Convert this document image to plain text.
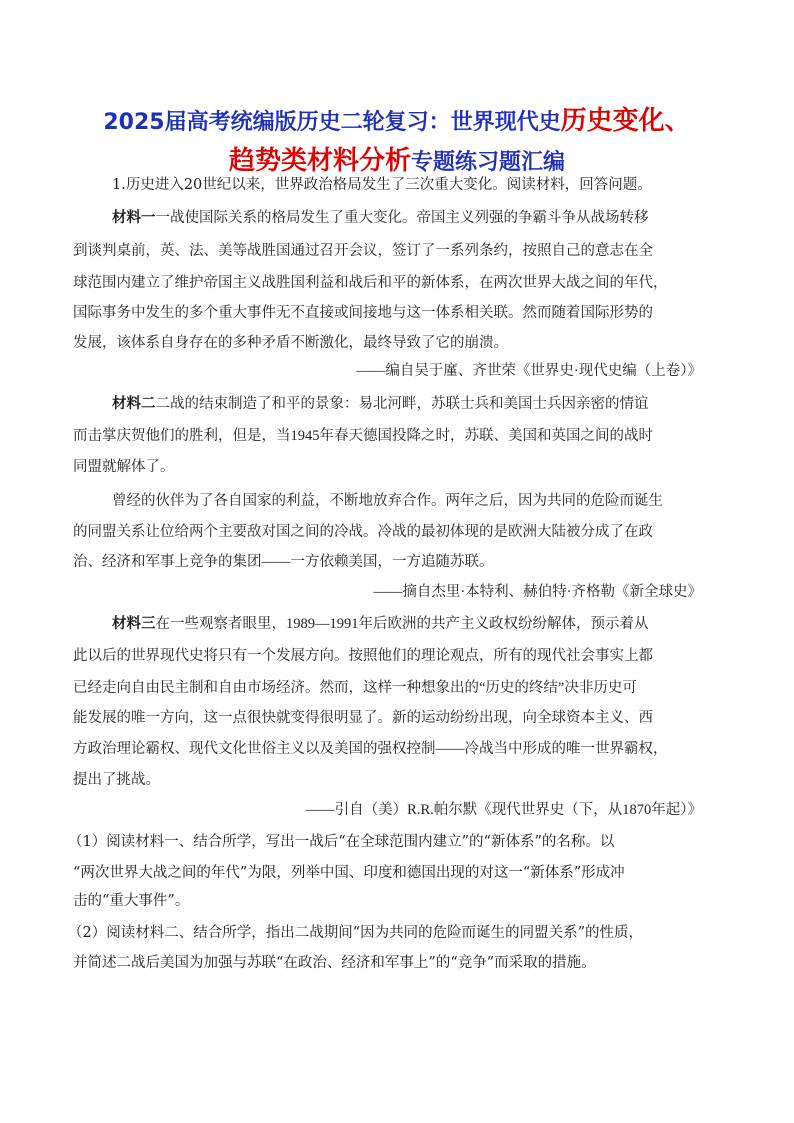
2025届高考统编版历史二轮复习：世界现代史历史变化、
趋势类材料分析专题练习题汇编
1.历史进入20世纪以来，世界政治格局发生了三次重大变化。阅读材料，回答问题。
材料一一战使国际关系的格局发生了重大变化。帝国主义列强的争霸斗争从战场转移
到谈判桌前，英、法、美等战胜国通过召开会议，签订了一系列条约，按照自己的意志在全
球范围内建立了维护帝国主义战胜国利益和战后和平的新体系，在两次世界大战之间的年代，
国际事务中发生的多个重大事件无不直接或间接地与这一体系相关联。然而随着国际形势的
发展，该体系自身存在的多种矛盾不断激化，最终导致了它的崩溃。
——编自吴于廑、齐世荣《世界史·现代史编（上卷）》
材料二二战的结束制造了和平的景象：易北河畔，苏联士兵和美国士兵因亲密的情谊
而击掌庆贺他们的胜利，但是，当1945年春天德国投降之时，苏联、美国和英国之间的战时
同盟就解体了。
曾经的伙伴为了各自国家的利益，不断地放弃合作。两年之后，因为共同的危险而诞生
的同盟关系让位给两个主要敌对国之间的冷战。冷战的最初体现的是欧洲大陆被分成了在政
治、经济和军事上竞争的集团——一方依赖美国，一方追随苏联。
——摘自杰里·本特利、赫伯特·齐格勒《新全球史》
材料三在一些观察者眼里，1989—1991年后欧洲的共产主义政权纷纷解体，预示着从
此以后的世界现代史将只有一个发展方向。按照他们的理论观点，所有的现代社会事实上都
已经走向自由民主制和自由市场经济。然而，这样一种想象出的“历史的终结”决非历史可
能发展的唯一方向，这一点很快就变得很明显了。新的运动纷纷出现，向全球资本主义、西
方政治理论霸权、现代文化世俗主义以及美国的强权控制——冷战当中形成的唯一世界霸权，
提出了挑战。
——引自（美）R.R.帕尔默《现代世界史（下，从1870年起）》
（1）阅读材料一、结合所学，写出一战后“在全球范围内建立”的“新体系”的名称。以
“两次世界大战之间的年代”为限，列举中国、印度和德国出现的对这一“新体系”形成冲
击的“重大事件”。
（2）阅读材料二、结合所学，指出二战期间“因为共同的危险而诞生的同盟关系”的性质，
并简述二战后美国为加强与苏联“在政治、经济和军事上”的“竞争”而采取的措施。
